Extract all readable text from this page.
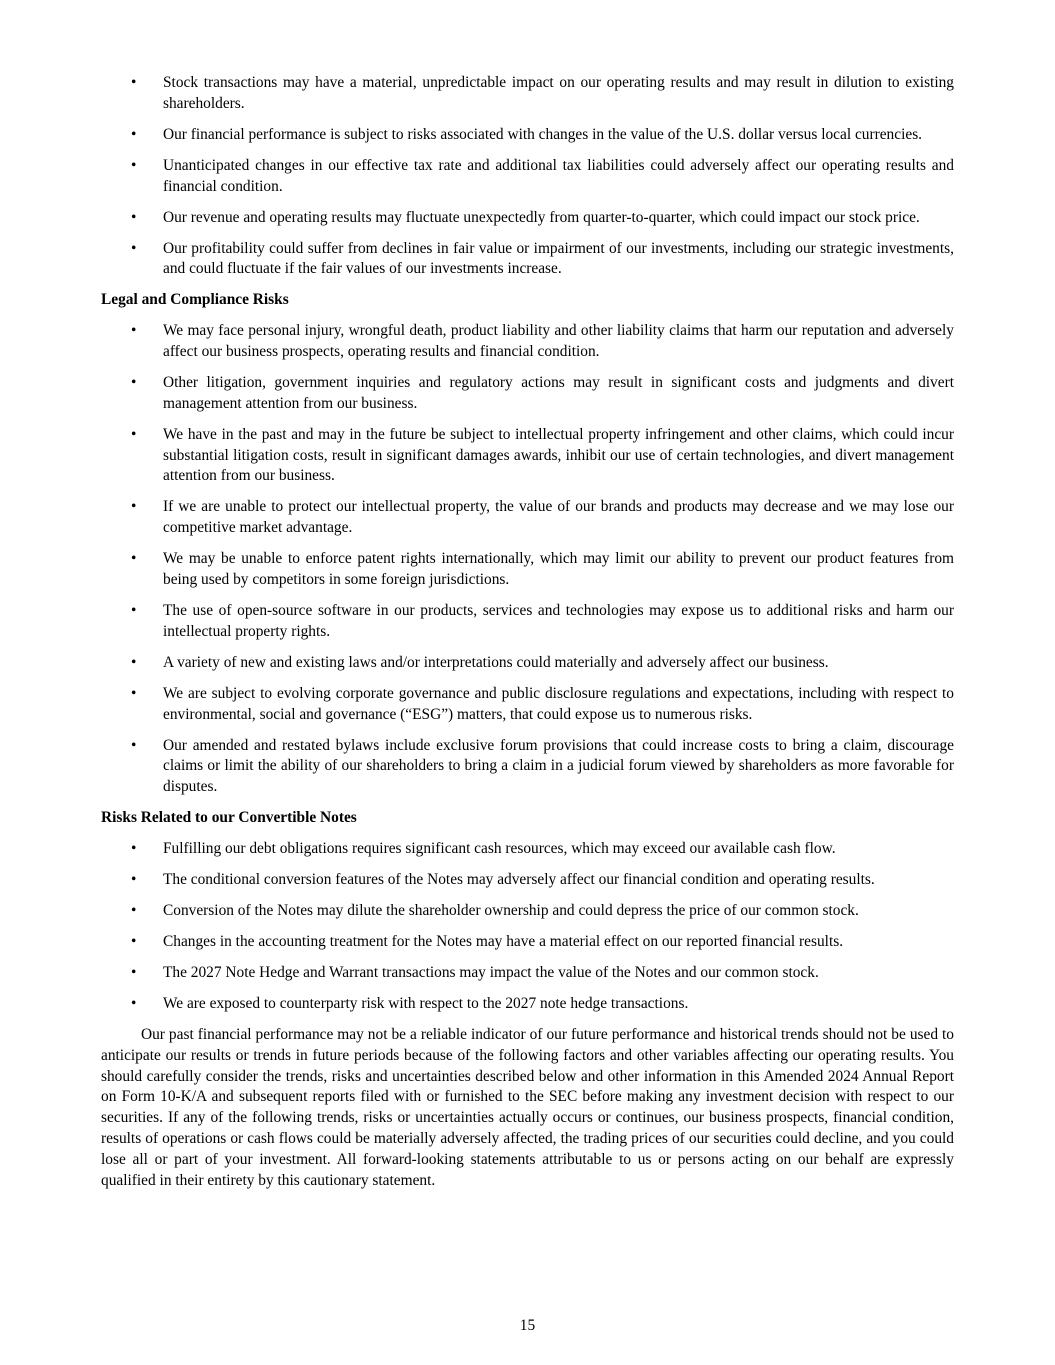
• Stock transactions may have a material, unpredictable impact on our operating results and may result in dilution to existing shareholders.
• Our financial performance is subject to risks associated with changes in the value of the U.S. dollar versus local currencies.
• Unanticipated changes in our effective tax rate and additional tax liabilities could adversely affect our operating results and financial condition.
• Our revenue and operating results may fluctuate unexpectedly from quarter-to-quarter, which could impact our stock price.
• Our profitability could suffer from declines in fair value or impairment of our investments, including our strategic investments, and could fluctuate if the fair values of our investments increase.
Legal and Compliance Risks
• We may face personal injury, wrongful death, product liability and other liability claims that harm our reputation and adversely affect our business prospects, operating results and financial condition.
• Other litigation, government inquiries and regulatory actions may result in significant costs and judgments and divert management attention from our business.
• We have in the past and may in the future be subject to intellectual property infringement and other claims, which could incur substantial litigation costs, result in significant damages awards, inhibit our use of certain technologies, and divert management attention from our business.
• If we are unable to protect our intellectual property, the value of our brands and products may decrease and we may lose our competitive market advantage.
• We may be unable to enforce patent rights internationally, which may limit our ability to prevent our product features from being used by competitors in some foreign jurisdictions.
• The use of open-source software in our products, services and technologies may expose us to additional risks and harm our intellectual property rights.
• A variety of new and existing laws and/or interpretations could materially and adversely affect our business.
• We are subject to evolving corporate governance and public disclosure regulations and expectations, including with respect to environmental, social and governance (“ESG”) matters, that could expose us to numerous risks.
• Our amended and restated bylaws include exclusive forum provisions that could increase costs to bring a claim, discourage claims or limit the ability of our shareholders to bring a claim in a judicial forum viewed by shareholders as more favorable for disputes.
Risks Related to our Convertible Notes
• Fulfilling our debt obligations requires significant cash resources, which may exceed our available cash flow.
• The conditional conversion features of the Notes may adversely affect our financial condition and operating results.
• Conversion of the Notes may dilute the shareholder ownership and could depress the price of our common stock.
• Changes in the accounting treatment for the Notes may have a material effect on our reported financial results.
• The 2027 Note Hedge and Warrant transactions may impact the value of the Notes and our common stock.
• We are exposed to counterparty risk with respect to the 2027 note hedge transactions.

Our past financial performance may not be a reliable indicator of our future performance and historical trends should not be used to anticipate our results or trends in future periods because of the following factors and other variables affecting our operating results. You should carefully consider the trends, risks and uncertainties described below and other information in this Amended 2024 Annual Report on Form 10-K/A and subsequent reports filed with or furnished to the SEC before making any investment decision with respect to our securities. If any of the following trends, risks or uncertainties actually occurs or continues, our business prospects, financial condition, results of operations or cash flows could be materially adversely affected, the trading prices of our securities could decline, and you could lose all or part of your investment. All forward-looking statements attributable to us or persons acting on our behalf are expressly qualified in their entirety by this cautionary statement.

15
